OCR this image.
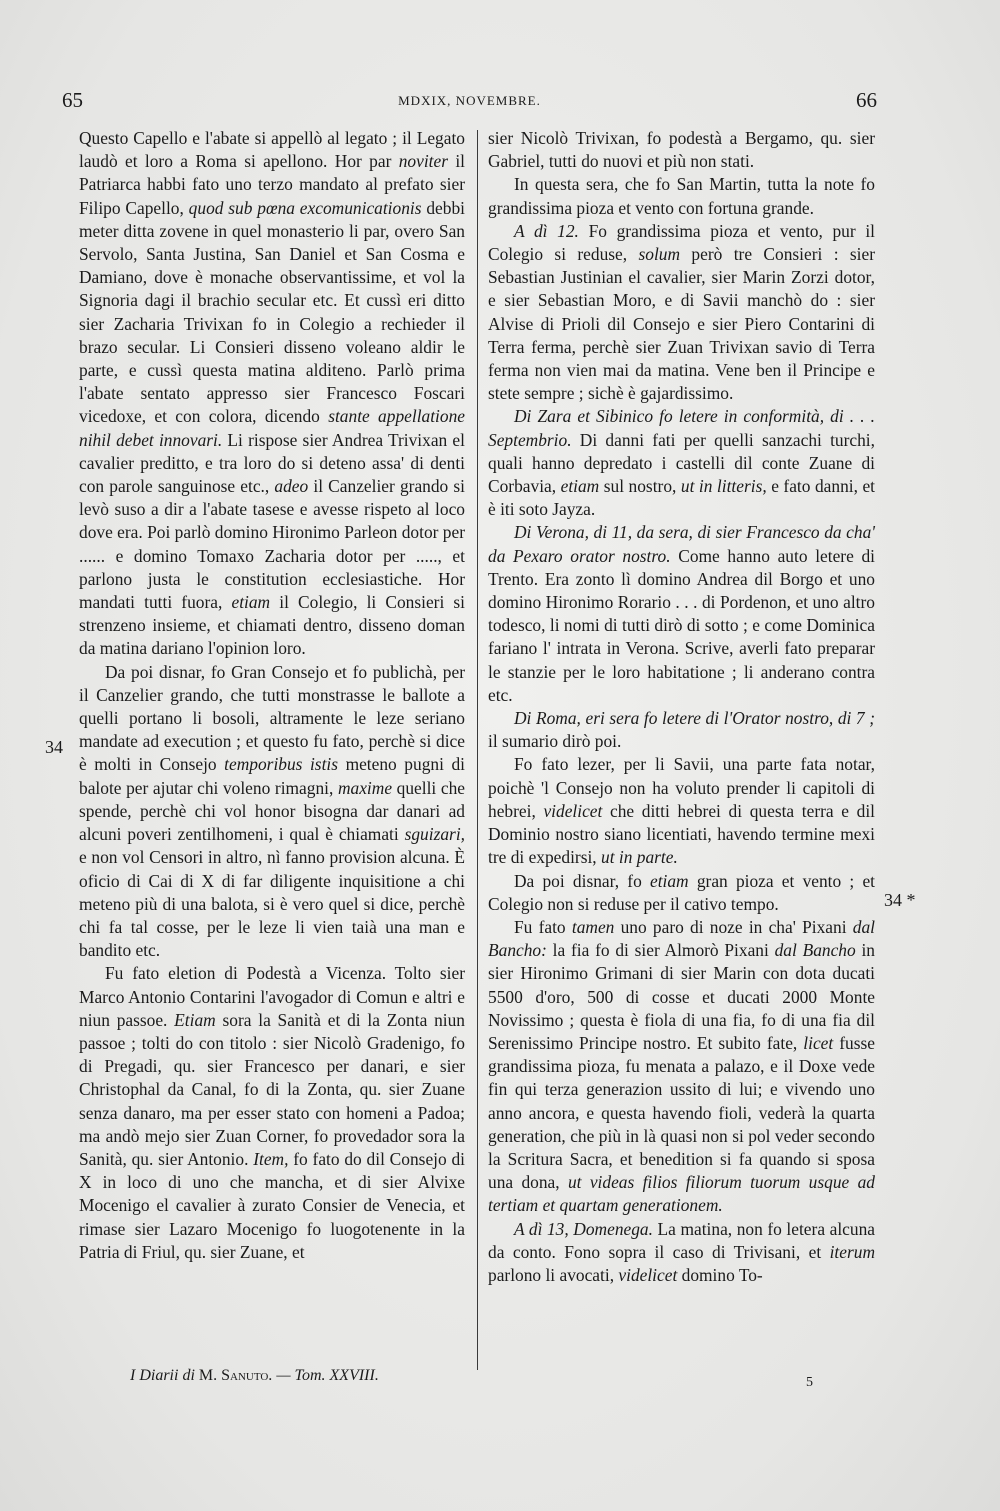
65	MDXIX, NOVEMBRE.	66

Questo Capello e l'abate si appellò al legato ; il Legato laudò et loro a Roma si apellono. Hor par noviter il Patriarca habbi fato uno terzo mandato al prefato sier Filipo Capello, quod sub pœna excomunicationis debbi meter ditta zovene in quel monasterio li par, overo San Servolo, Santa Justina, San Daniel et San Cosma e Damiano, dove è monache observantissime, et vol la Signoria dagi il brachio secular etc. Et cussì eri ditto sier Zacharia Trivixan fo in Colegio a rechieder il brazo secular. Li Consieri disseno voleano aldir le parte, e cussì questa matina alditeno. Parlò prima l'abate sentato appresso sier Francesco Foscari vicedoxe, et con colora, dicendo stante appellatione nihil debet innovari. Li rispose sier Andrea Trivixan el cavalier preditto, e tra loro do si deteno assa' di denti con parole sanguinose etc., adeo il Canzelier grando si levò suso a dir a l'abate tasese e avesse rispeto al loco dove era. Poi parlò domino Hironimo Parleon dotor per ...... e domino Tomaxo Zacharia dotor per ....., et parlono justa le constitution ecclesiastiche. Hor mandati tutti fuora, etiam il Colegio, li Consieri si strenzeno insieme, et chiamati dentro, disseno doman da matina dariano l'opinion loro.

Da poi disnar, fo Gran Consejo et fo publichà, per il Canzelier grando, che tutti monstrasse le ballote a quelli portano li bosoli, altramente le leze seriano mandate ad execution ; et questo fu fato, perchè si dice è molti in Consejo temporibus istis meteno pugni di balote per ajutar chi voleno rimagni, maxime quelli che spende, perchè chi vol honor bisogna dar danari ad alcuni poveri zentilhomeni, i qual è chiamati sguizari, e non vol Censori in altro, nì fanno provision alcuna. È oficio di Cai di X di far diligente inquisitione a chi meteno più di una balota, si è vero quel si dice, perchè chi fa tal cosse, per le leze li vien taià una man e bandito etc.

Fu fato eletion di Podestà a Vicenza. Tolto sier Marco Antonio Contarini l'avogador di Comun e altri e niun passoe. Etiam sora la Sanità et di la Zonta niun passoe ; tolti do con titolo : sier Nicolò Gradenigo, fo di Pregadi, qu. sier Francesco per danari, e sier Christophal da Canal, fo di la Zonta, qu. sier Zuane senza danaro, ma per esser stato con homeni a Padoa; ma andò mejo sier Zuan Corner, fo provedador sora la Sanità, qu. sier Antonio. Item, fo fato do dil Consejo di X in loco di uno che mancha, et di sier Alvixe Mocenigo el cavalier à zurato Consier de Venecia, et rimase sier Lazaro Mocenigo fo luogotenente in la Patria di Friul, qu. sier Zuane, et

sier Nicolò Trivixan, fo podestà a Bergamo, qu. sier Gabriel, tutti do nuovi et più non stati.

In questa sera, che fo San Martin, tutta la note fo grandissima pioza et vento con fortuna grande.

A dì 12. Fo grandissima pioza et vento, pur il Colegio si reduse, solum però tre Consieri : sier Sebastian Justinian el cavalier, sier Marin Zorzi dotor, e sier Sebastian Moro, e di Savii manchò do : sier Alvise di Prioli dil Consejo e sier Piero Contarini di Terra ferma, perchè sier Zuan Trivixan savio di Terra ferma non vien mai da matina. Vene ben il Principe e stete sempre ; sichè è gajardissimo.

Di Zara et Sibinico fo letere in conformità, di . . . Septembrio. Di danni fati per quelli sanzachi turchi, quali hanno depredato i castelli dil conte Zuane di Corbavia, etiam sul nostro, ut in litteris, e fato danni, et è iti soto Jayza.

Di Verona, di 11, da sera, di sier Francesco da cha' da Pexaro orator nostro. Come hanno auto letere di Trento. Era zonto lì domino Andrea dil Borgo et uno domino Hironimo Rorario . . . di Pordenon, et uno altro todesco, li nomi di tutti dirò di sotto ; e come Dominica fariano l' intrata in Verona. Scrive, averli fato preparar le stanzie per le loro habitatione ; li anderano contra etc.

Di Roma, eri sera fo letere di l'Orator nostro, di 7 ; il sumario dirò poi.

Fo fato lezer, per li Savii, una parte fata notar, poichè 'l Consejo non ha voluto prender li capitoli di hebrei, videlicet che ditti hebrei di questa terra e dil Dominio nostro siano licentiati, havendo termine mexi tre di expedirsi, ut in parte.

Da poi disnar, fo etiam gran pioza et vento ; et Colegio non si reduse per il cativo tempo.

Fu fato tamen uno paro di noze in cha' Pixani dal Bancho: la fia fo di sier Almorò Pixani dal Bancho in sier Hironimo Grimani di sier Marin con dota ducati 5500 d'oro, 500 di cosse et ducati 2000 Monte Novissimo ; questa è fiola di una fia, fo di una fia dil Serenissimo Principe nostro. Et subito fate, licet fusse grandissima pioza, fu menata a palazo, e il Doxe vede fin qui terza generazion ussito di lui; e vivendo uno anno ancora, e questa havendo fioli, vederà la quarta generation, che più in là quasi non si pol veder secondo la Scritura Sacra, et benedition si fa quando si sposa una dona, ut videas filios filiorum tuorum usque ad tertiam et quartam generationem.

A dì 13, Domenega. La matina, non fo letera alcuna da conto. Fono sopra il caso di Trivisani, et iterum parlono li avocati, videlicet domino To-

34
34 *
I Diarii di M. Sanuto. — Tom. XXVIII.	5
